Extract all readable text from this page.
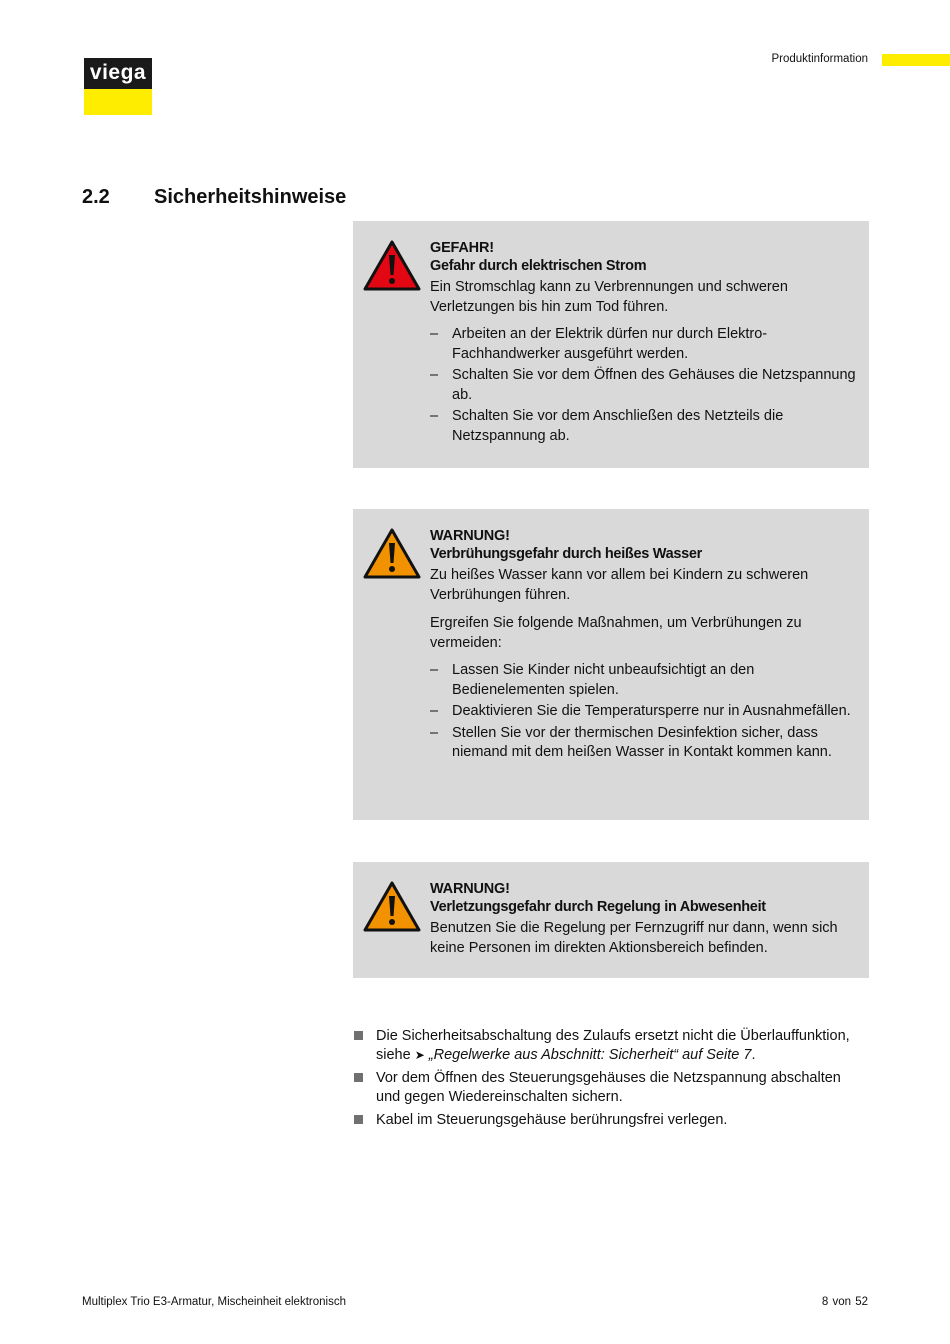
viega
Produktinformation
2.2 Sicherheitshinweise
GEFAHR!
Gefahr durch elektrischen Strom

Ein Stromschlag kann zu Verbrennungen und schweren Verletzungen bis hin zum Tod führen.

– Arbeiten an der Elektrik dürfen nur durch Elektro-Fachhandwerker ausgeführt werden.
– Schalten Sie vor dem Öffnen des Gehäuses die Netzspannung ab.
– Schalten Sie vor dem Anschließen des Netzteils die Netzspannung ab.
WARNUNG!
Verbrühungsgefahr durch heißes Wasser

Zu heißes Wasser kann vor allem bei Kindern zu schweren Verbrühungen führen.

Ergreifen Sie folgende Maßnahmen, um Verbrühungen zu vermeiden:

– Lassen Sie Kinder nicht unbeaufsichtigt an den Bedienelementen spielen.
– Deaktivieren Sie die Temperatursperre nur in Ausnahmefällen.
– Stellen Sie vor der thermischen Desinfektion sicher, dass niemand mit dem heißen Wasser in Kontakt kommen kann.
WARNUNG!
Verletzungsgefahr durch Regelung in Abwesenheit

Benutzen Sie die Regelung per Fernzugriff nur dann, wenn sich keine Personen im direkten Aktionsbereich befinden.

Die Sicherheitsabschaltung des Zulaufs ersetzt nicht die Überlauffunktion, siehe ➤ „Regelwerke aus Abschnitt: Sicherheit“ auf Seite 7.
Vor dem Öffnen des Steuerungsgehäuses die Netzspannung abschalten und gegen Wiedereinschalten sichern.
Kabel im Steuerungsgehäuse berührungsfrei verlegen.
Multiplex Trio E3-Armatur, Mischeinheit elektronisch	8 von 52
